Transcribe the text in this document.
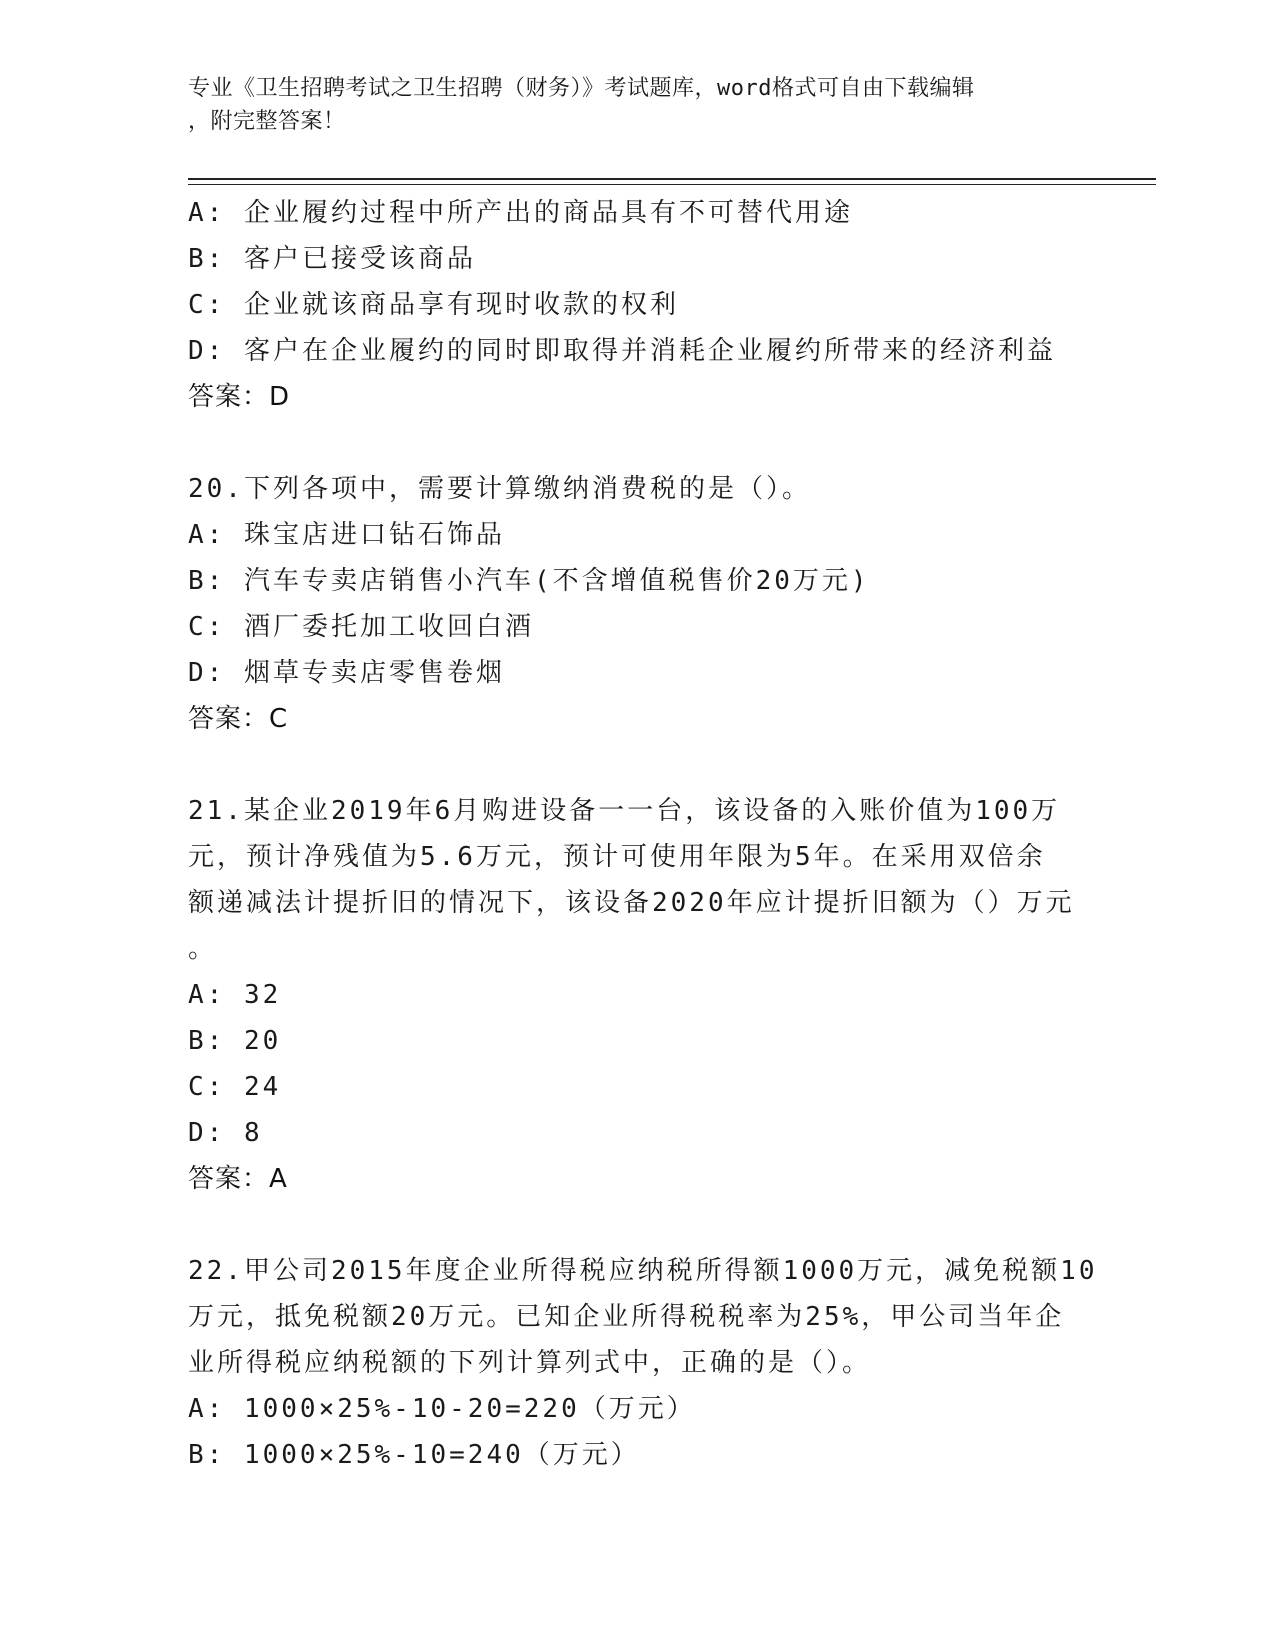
专业《卫生招聘考试之卫生招聘（财务）》考试题库，word格式可自由下载编辑
，附完整答案！
A: 企业履约过程中所产出的商品具有不可替代用途
B: 客户已接受该商品
C: 企业就该商品享有现时收款的权利
D: 客户在企业履约的同时即取得并消耗企业履约所带来的经济利益
答案：D
20.下列各项中，需要计算缴纳消费税的是（）。
A: 珠宝店进口钻石饰品
B: 汽车专卖店销售小汽车(不含增值税售价20万元)
C: 酒厂委托加工收回白酒
D: 烟草专卖店零售卷烟
答案：C
21.某企业2019年6月购进设备一一台，该设备的入账价值为100万
元，预计净残值为5.6万元，预计可使用年限为5年。在采用双倍余
额递减法计提折旧的情况下，该设备2020年应计提折旧额为（）万元
。
A: 32
B: 20
C: 24
D: 8
答案：A
22.甲公司2015年度企业所得税应纳税所得额1000万元，减免税额10
万元，抵免税额20万元。已知企业所得税税率为25%，甲公司当年企
业所得税应纳税额的下列计算列式中，正确的是（）。
A: 1000×25%-10-20=220（万元）
B: 1000×25%-10=240（万元）
